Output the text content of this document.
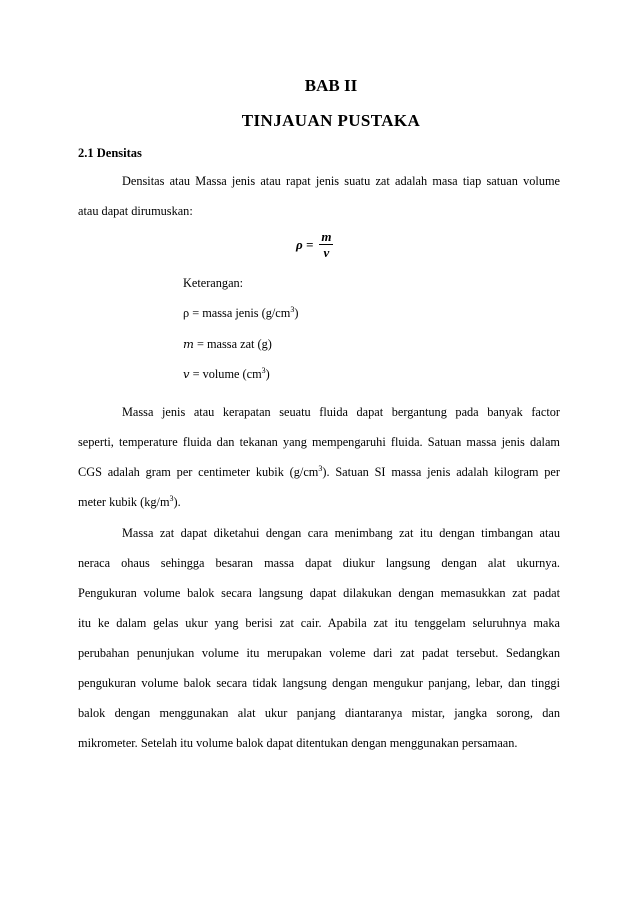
BAB II
TINJAUAN PUSTAKA
2.1 Densitas
Densitas atau Massa jenis atau rapat jenis suatu zat adalah masa tiap satuan volume
atau dapat dirumuskan:
$\rho = \frac{m}{v}$
Keterangan:
ρ = massa jenis $(g/cm^3)$
m = massa zat (g)
v = volume $(cm^3)$
Massa jenis atau kerapatan seuatu fluida dapat bergantung pada banyak factor
seperti, temperature fluida dan tekanan yang mempengaruhi fluida. Satuan massa jenis dalam
CGS adalah gram per centimeter kubik $(g/cm^3)$. Satuan SI massa jenis adalah kilogram per
meter kubik $(kg/m^3)$.
Massa zat dapat diketahui dengan cara menimbang zat itu dengan timbangan atau
neraca ohaus sehingga besaran massa dapat diukur langsung dengan alat ukurnya.
Pengukuran volume balok secara langsung dapat dilakukan dengan memasukkan zat padat
itu ke dalam gelas ukur yang berisi zat cair. Apabila zat itu tenggelam seluruhnya maka
perubahan penunjukan volume itu merupakan voleme dari zat padat tersebut. Sedangkan
pengukuran volume balok secara tidak langsung dengan mengukur panjang, lebar, dan tinggi
balok dengan menggunakan alat ukur panjang diantaranya mistar, jangka sorong, dan
mikrometer. Setelah itu volume balok dapat ditentukan dengan menggunakan persamaan.
